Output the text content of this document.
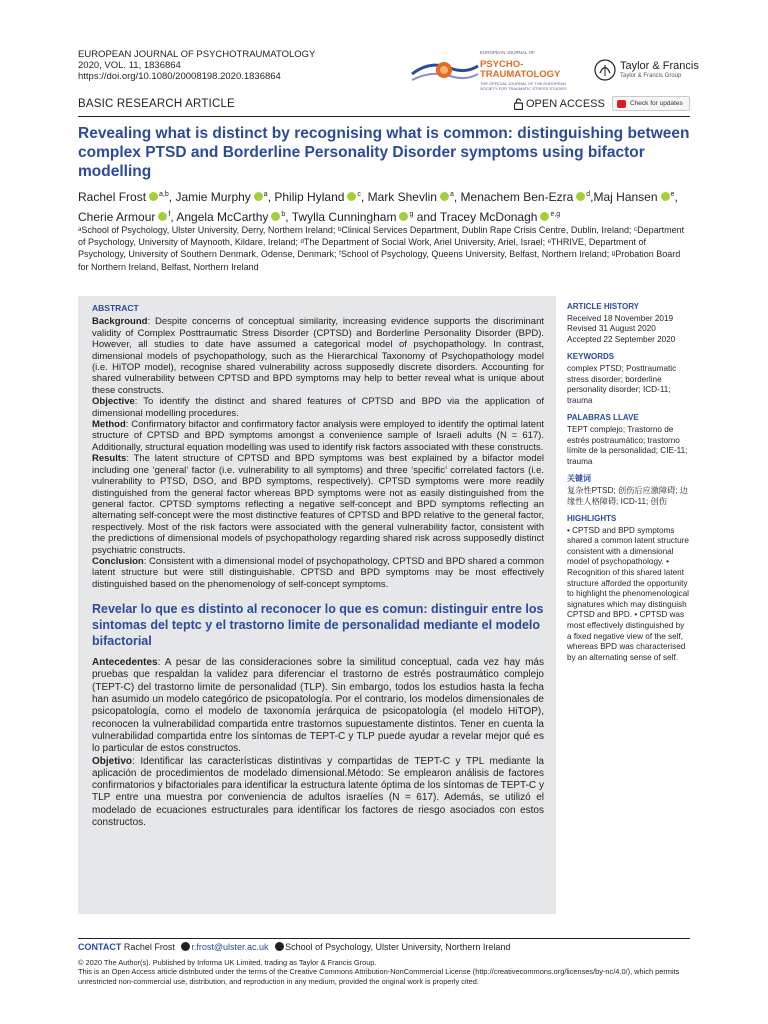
EUROPEAN JOURNAL OF PSYCHOTRAUMATOLOGY
2020, VOL. 11, 1836864
https://doi.org/10.1080/20008198.2020.1836864
EUROPEAN JOURNAL OF
PSYCHO-
TRAUMATOLOGY
THE OFFICIAL JOURNAL OF THE EUROPEAN SOCIETY FOR TRAUMATIC STRESS STUDIES
Taylor & Francis
Taylor & Francis Group
BASIC RESEARCH ARTICLE	OPEN ACCESS	Check for updates
Revealing what is distinct by recognising what is common: distinguishing between complex PTSD and Borderline Personality Disorder symptoms using bifactor modelling
Rachel Frost $^{a,b}$, Jamie Murphy $^a$, Philip Hyland $^c$, Mark Shevlin $^a$, Menachem Ben-Ezra $^d$,Maj Hansen $^e$, Cherie Armour $^f$, Angela McCarthy $^b$, Twylla Cunningham $^g$ and Tracey McDonagh $^{e,g}$
ᵃSchool of Psychology, Ulster University, Derry, Northern Ireland; ᵇClinical Services Department, Dublin Rape Crisis Centre, Dublin, Ireland; ᶜDepartment of Psychology, University of Maynooth, Kildare, Ireland; ᵈThe Department of Social Work, Ariel University, Ariel, Israel; ᵉTHRIVE, Department of Psychology, University of Southern Denmark, Odense, Denmark; ᶠSchool of Psychology, Queens University, Belfast, Northern Ireland; ᵍProbation Board for Northern Ireland, Belfast, Northern Ireland
ABSTRACT
Background: Despite concerns of conceptual similarity, increasing evidence supports the discriminant validity of Complex Posttraumatic Stress Disorder (CPTSD) and Borderline Personality Disorder (BPD). However, all studies to date have assumed a categorical model of psychopathology. In contrast, dimensional models of psychopathology, such as the Hierarchical Taxonomy of Psychopathology model (i.e. HiTOP model), recognise shared vulnerability across supposedly discrete disorders. Accounting for shared vulnerability between CPTSD and BPD symptoms may help to better reveal what is unique about these constructs.
Objective: To identify the distinct and shared features of CPTSD and BPD via the application of dimensional modelling procedures.
Method: Confirmatory bifactor and confirmatory factor analysis were employed to identify the optimal latent structure of CPTSD and BPD symptoms amongst a convenience sample of Israeli adults (N = 617). Additionally, structural equation modelling was used to identify risk factors associated with these constructs.
Results: The latent structure of CPTSD and BPD symptoms was best explained by a bifactor model including one ‘general’ factor (i.e. vulnerability to all symptoms) and three ‘specific’ correlated factors (i.e. vulnerability to PTSD, DSO, and BPD symptoms, respectively). CPTSD symptoms were more readily distinguished from the general factor whereas BPD symptoms were not as easily distinguished from the general factor. CPTSD symptoms reflecting a negative self-concept and BPD symptoms reflecting an alternating self-concept were the most distinctive features of CPTSD and BPD relative to the general factor, respectively. Most of the risk factors were associated with the general vulnerability factor, consistent with the predictions of dimensional models of psychopathology regarding shared risk across supposedly distinct psychiatric constructs.
Conclusion: Consistent with a dimensional model of psychopathology, CPTSD and BPD shared a common latent structure but were still distinguishable. CPTSD and BPD symptoms may be most effectively distinguished based on the phenomenology of self-concept symptoms.
Revelar lo que es distinto al reconocer lo que es comun: distinguir entre los sintomas del teptc y el trastorno limite de personalidad mediante el modelo bifactorial
Antecedentes: A pesar de las consideraciones sobre la similitud conceptual, cada vez hay más pruebas que respaldan la validez para diferenciar el trastorno de estrés postraumático complejo (TEPT-C) del trastorno limite de personalidad (TLP). Sin embargo, todos los estudios hasta la fecha han asumido un modelo categórico de psicopatología. Por el contrario, los modelos dimensionales de psicopatología, como el modelo de taxonomía jerárquica de psicopatología (el modelo HiTOP), reconocen la vulnerabilidad compartida entre trastornos supuestamente distintos. Tener en cuenta la vulnerabilidad compartida entre los síntomas de TEPT-C y TLP puede ayudar a revelar mejor qué es lo particular de estos constructos.
Objetivo: Identificar las características distintivas y compartidas de TEPT-C y TPL mediante la aplicación de procedimientos de modelado dimensional.Método: Se emplearon análisis de factores confirmatorios y bifactoriales para identificar la estructura latente óptima de los síntomas de TEPT-C y TLP entre una muestra por conveniencia de adultos israelíes (N = 617). Además, se utilizó el modelado de ecuaciones estructurales para identificar los factores de riesgo asociados con estos constructos.
ARTICLE HISTORY
Received 18 November 2019
Revised 31 August 2020
Accepted 22 September 2020
KEYWORDS
complex PTSD; Posttraumatic stress disorder; borderline personality disorder; ICD-11; trauma
PALABRAS LLAVE
TEPT complejo; Trastorno de estrés postraumático; trastorno límite de la personalidad; CIE-11; trauma
关键词
复杂性PTSD; 创伤后应激障碍; 边缘性人格障碍; ICD-11; 创伤
HIGHLIGHTS
• CPTSD and BPD symptoms shared a common latent structure consistent with a dimensional model of psychopathology. • Recognition of this shared latent structure afforded the opportunity to highlight the phenomenological signatures which may distinguish CPTSD and BPD. • CPTSD was most effectively distinguished by a fixed negative view of the self, whereas BPD was characterised by an alternating sense of self.
CONTACT Rachel Frost r.frost@ulster.ac.uk School of Psychology, Ulster University, Northern Ireland
© 2020 The Author(s). Published by Informa UK Limited, trading as Taylor & Francis Group.
This is an Open Access article distributed under the terms of the Creative Commons Attribution-NonCommercial License (http://creativecommons.org/licenses/by-nc/4.0/), which permits unrestricted non-commercial use, distribution, and reproduction in any medium, provided the original work is properly cited.
